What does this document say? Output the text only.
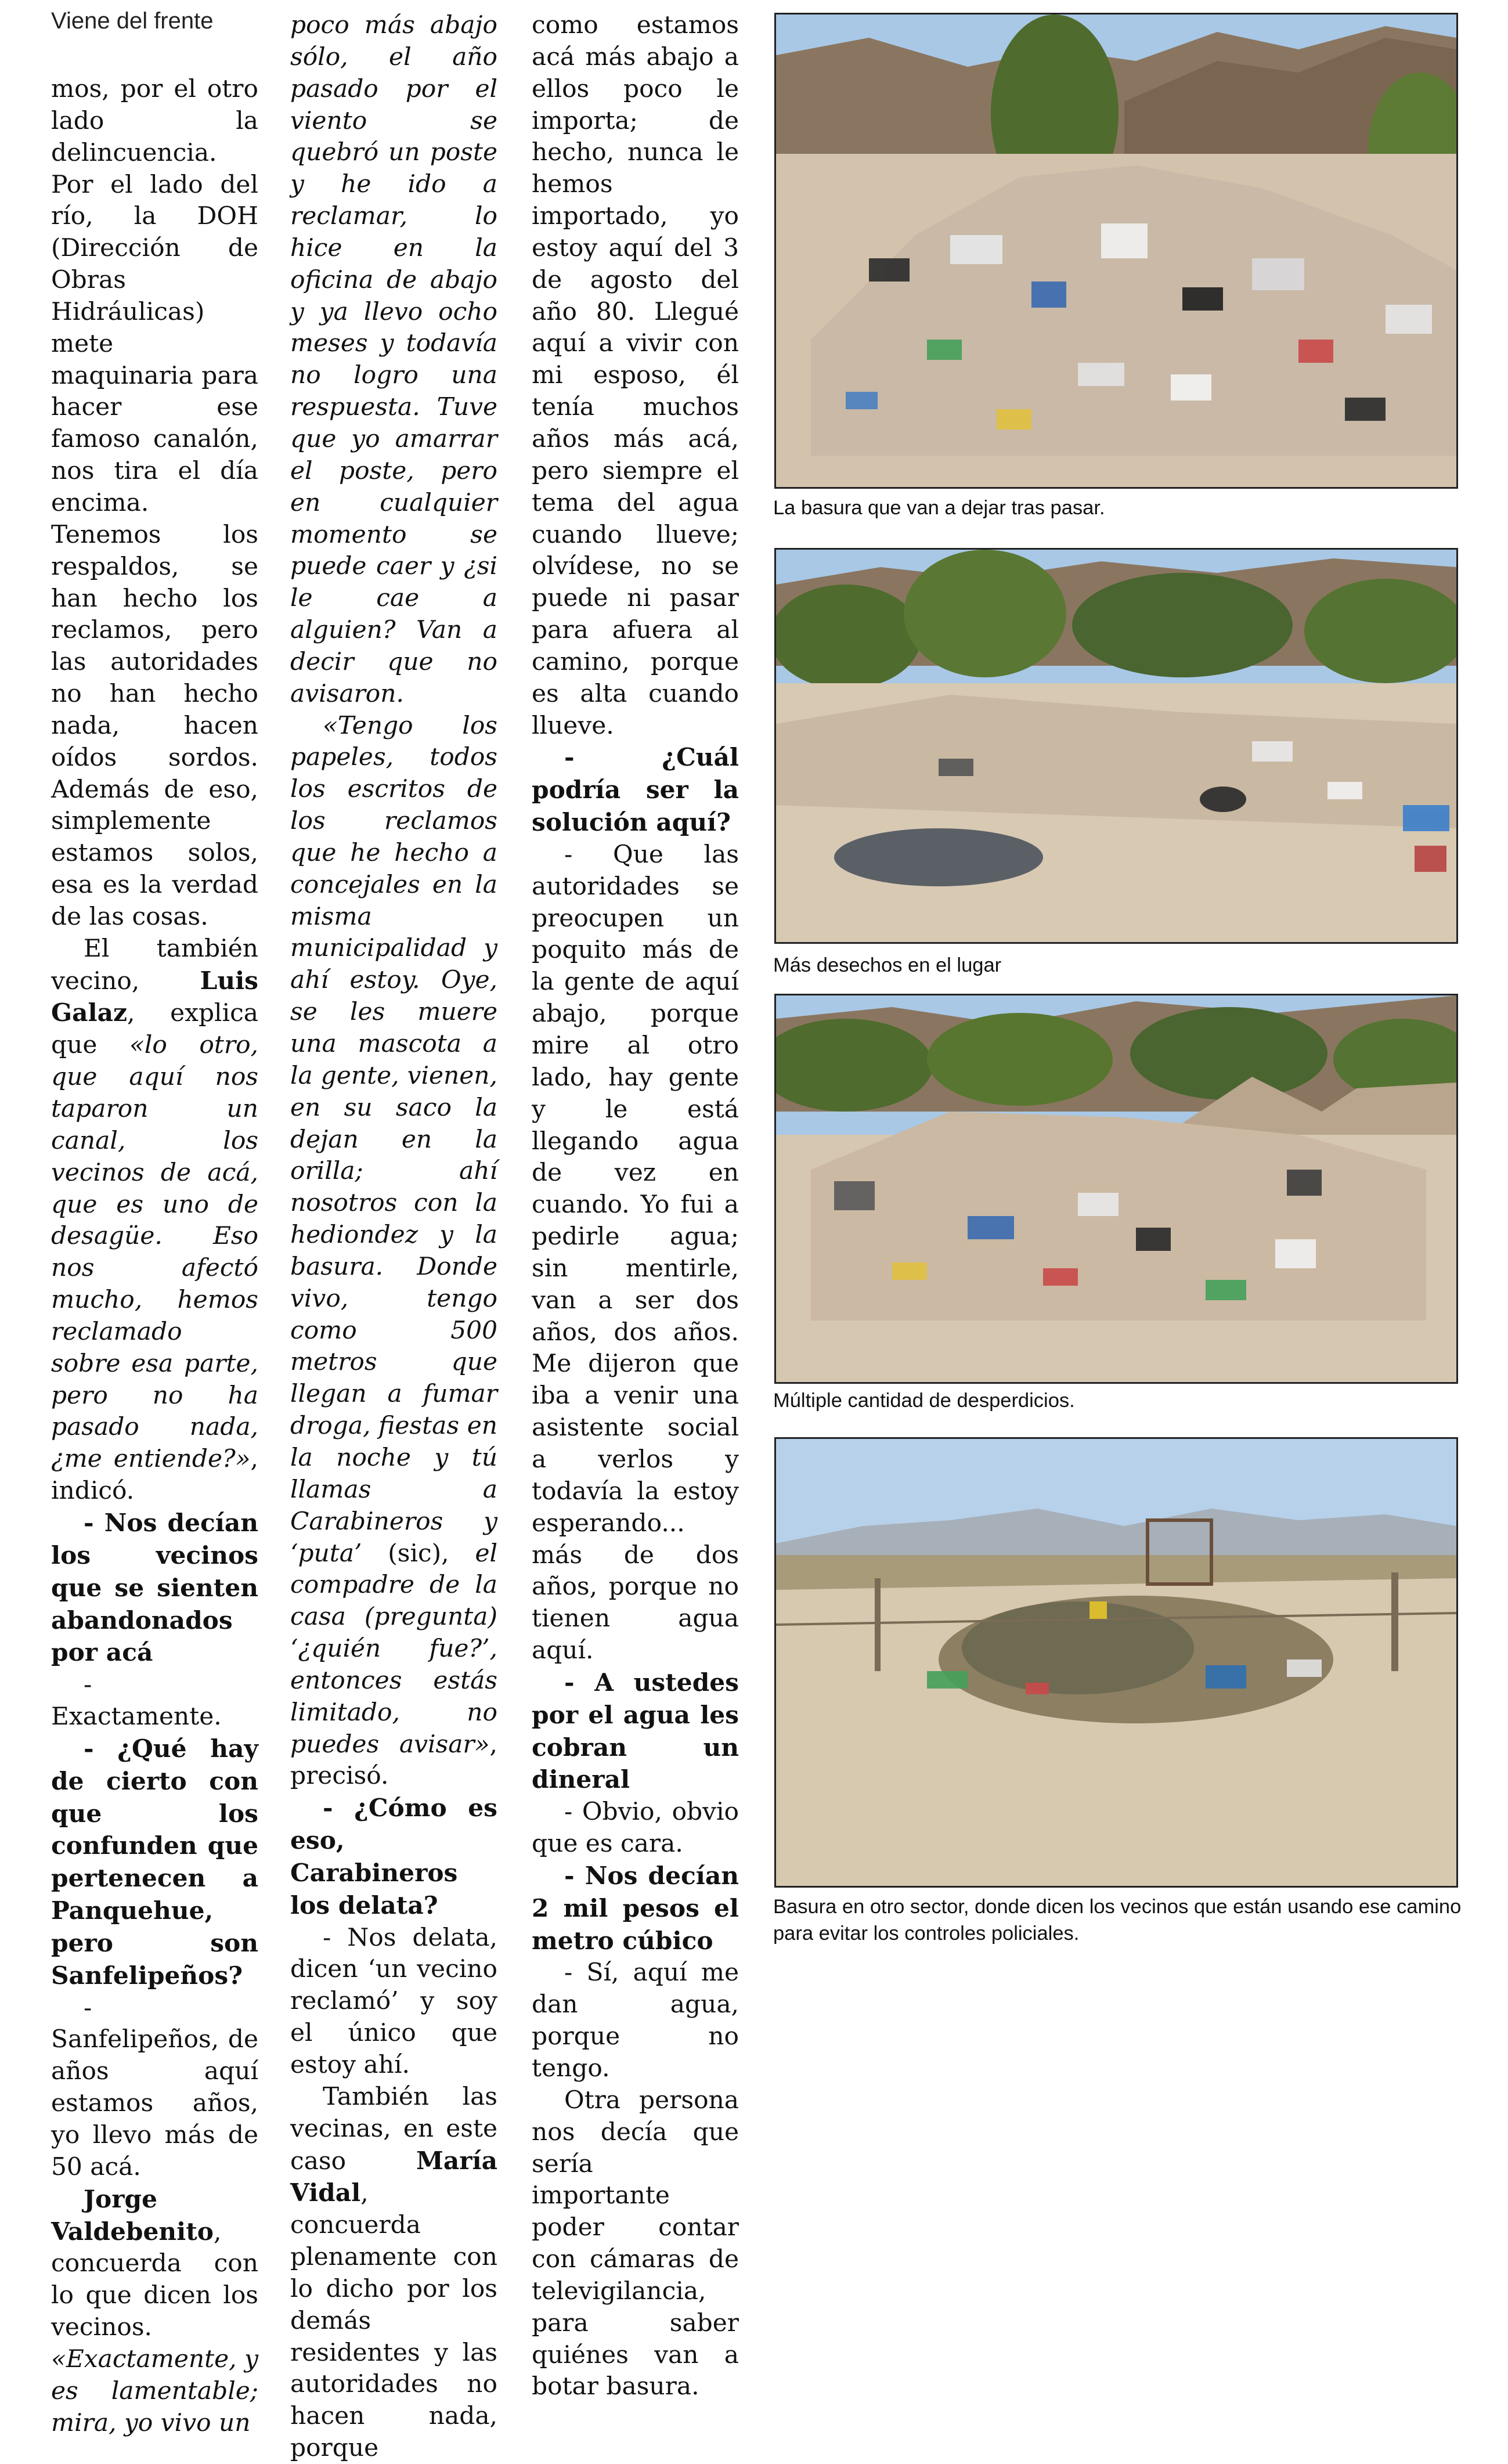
Viene del frente

mos, por el otro lado la delincuencia. Por el lado del río, la DOH (Dirección de Obras Hidráulicas) mete maquinaria para hacer ese famoso canalón, nos tira el día encima. Tenemos los respaldos, se han hecho los reclamos, pero las autoridades no han hecho nada, hacen oídos sordos. Además de eso, simplemente estamos solos, esa es la verdad de las cosas.

El también vecino, Luis Galaz, explica que «lo otro, que aquí nos taparon un canal, los vecinos de acá, que es uno de desagüe. Eso nos afectó mucho, hemos reclamado sobre esa parte, pero no ha pasado nada, ¿me entiende?», indicó.

- Nos decían los vecinos que se sienten abandonados por acá

- Exactamente.

- ¿Qué hay de cierto con que los confunden que pertenecen a Panquehue, pero son Sanfelipeños?

- Sanfelipeños, de años aquí estamos años, yo llevo más de 50 acá.

Jorge Valdebenito, concuerda con lo que dicen los vecinos. «Exactamente, y es lamentable; mira, yo vivo un

poco más abajo sólo, el año pasado por el viento se quebró un poste y he ido a reclamar, lo hice en la oficina de abajo y ya llevo ocho meses y todavía no logro una respuesta. Tuve que yo amarrar el poste, pero en cualquier momento se puede caer y ¿si le cae a alguien? Van a decir que no avisaron.

«Tengo los papeles, todos los escritos de los reclamos que he hecho a concejales en la misma municipalidad y ahí estoy. Oye, se les muere una mascota a la gente, vienen, en su saco la dejan en la orilla; ahí nosotros con la hediondez y la basura. Donde vivo, tengo como 500 metros que llegan a fumar droga, fiestas en la noche y tú llamas a Carabineros y ‘puta’ (sic), el compadre de la casa (pregunta) ‘¿quién fue?’, entonces estás limitado, no puedes avisar», precisó.

- ¿Cómo es eso, Carabineros los delata?

- Nos delata, dicen ‘un vecino reclamó’ y soy el único que estoy ahí.

También las vecinas, en este caso María Vidal, concuerda plenamente con lo dicho por los demás residentes y las autoridades no hacen nada, porque

como estamos acá más abajo a ellos poco le importa; de hecho, nunca le hemos importado, yo estoy aquí del 3 de agosto del año 80. Llegué aquí a vivir con mi esposo, él tenía muchos años más acá, pero siempre el tema del agua cuando llueve; olvídese, no se puede ni pasar para afuera al camino, porque es alta cuando llueve.

- ¿Cuál podría ser la solución aquí?

- Que las autoridades se preocupen un poquito más de la gente de aquí abajo, porque mire al otro lado, hay gente y le está llegando agua de vez en cuando. Yo fui a pedirle agua; sin mentirle, van a ser dos años, dos años. Me dijeron que iba a venir una asistente social a verlos y todavía la estoy esperando... más de dos años, porque no tienen agua aquí.

- A ustedes por el agua les cobran un dineral

- Obvio, obvio que es cara.

- Nos decían 2 mil pesos el metro cúbico

- Sí, aquí me dan agua, porque no tengo.

Otra persona nos decía que sería importante poder contar con cámaras de televigilancia, para saber quiénes van a botar basura.

La basura que van a dejar tras pasar.
Más desechos en el lugar
Múltiple cantidad de desperdicios.
Basura en otro sector, donde dicen los vecinos que están usando ese camino para evitar los controles policiales.
